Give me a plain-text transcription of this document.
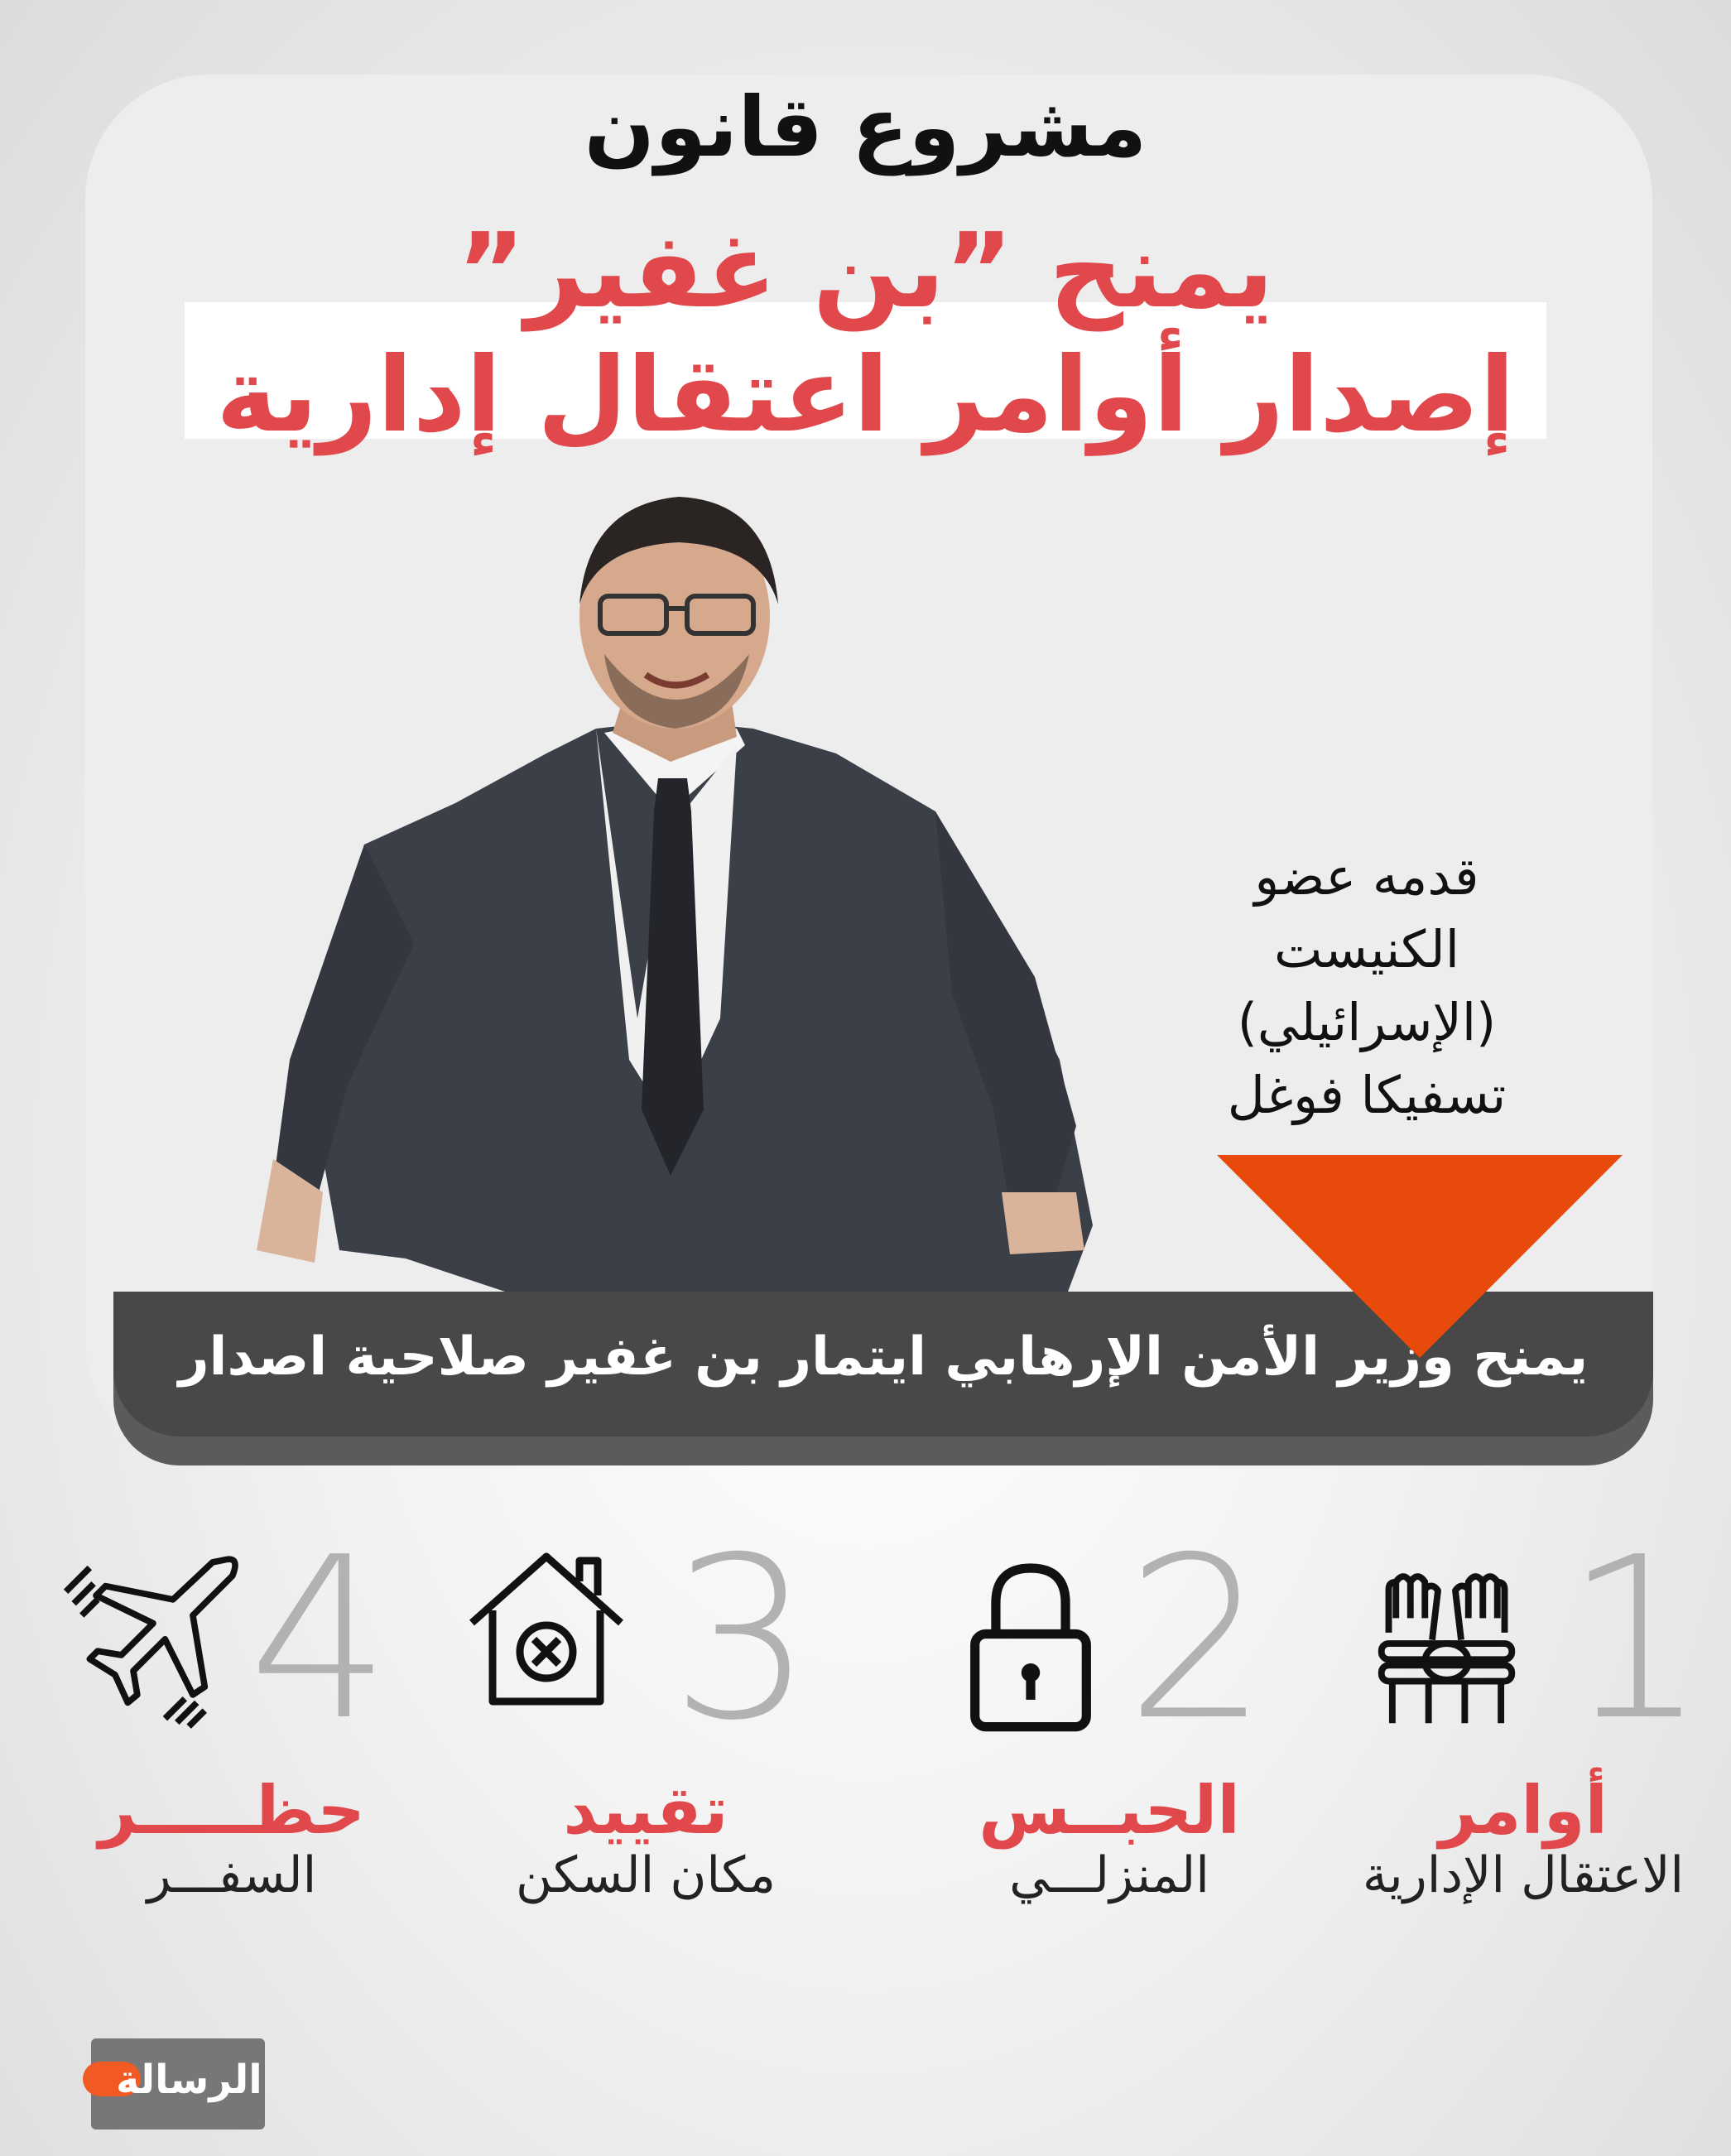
مشروع قانون
يمنح ”بن غفير”
إصدار أوامر اعتقال إدارية
قدمه عضو
الكنيست
(الإسرائيلي)
تسفيكا فوغل
يمنح وزير الأمن الإرهابي ايتمار بن غفير صلاحية اصدار
1
أوامر
الاعتقال الإدارية
2
الحبــس
المنزلـــي
3
تقييد
مكان السكن
4
حظـــــر
السفـــر
الرسالة
